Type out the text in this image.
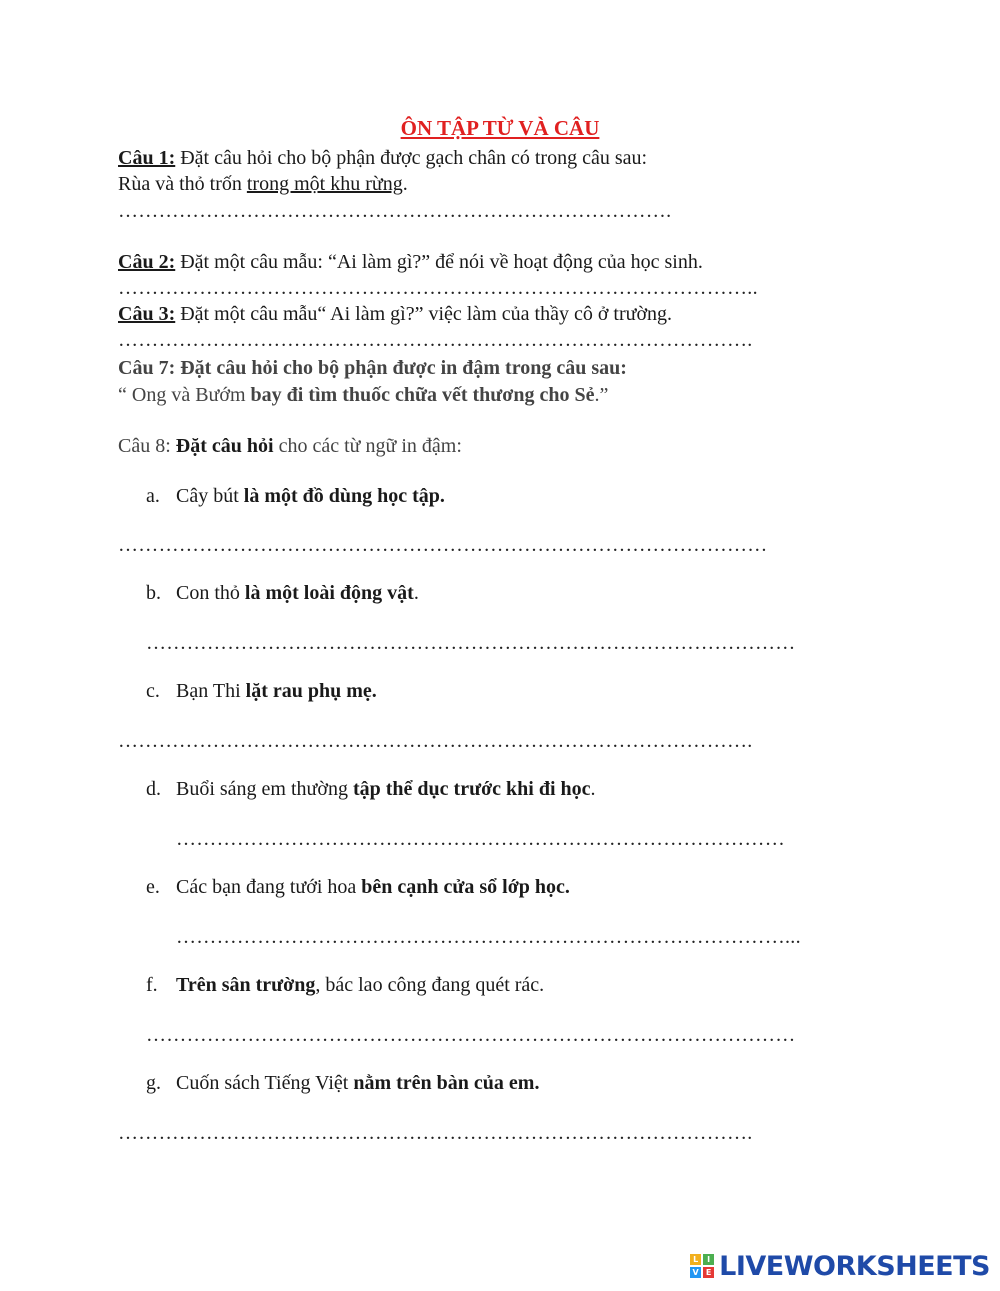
ÔN TẬP TỪ VÀ CÂU
Câu 1: Đặt câu hỏi cho bộ phận được gạch chân có trong câu sau:
Rùa và thỏ trốn trong một khu rừng.
……………………………………………………………………….
Câu 2: Đặt một câu mẫu: “Ai làm gì?” để nói về hoạt động của học sinh.
…………………………………………………………………………………..
Câu 3: Đặt một câu mẫu“ Ai làm gì?” việc làm của thầy cô ở trường.
………………………………………………………………………………….
Câu 7: Đặt câu hỏi cho bộ phận được in đậm trong câu sau:
“ Ong và Bướm bay đi tìm thuốc chữa vết thương cho Sẻ.”
Câu 8: Đặt câu hỏi cho các từ ngữ in đậm:
a. Cây bút là một đồ dùng học tập.
……………………………………………………………………………………
b. Con thỏ là một loài động vật.
……………………………………………………………………………………
c. Bạn Thi lặt rau phụ mẹ.
………………………………………………………………………………….
d. Buổi sáng em thường tập thể dục trước khi đi học.
………………………………………………………………………………
e. Các bạn đang tưới hoa bên cạnh cửa sổ lớp học.
………………………………………………………………………………...
f. Trên sân trường, bác lao công đang quét rác.
……………………………………………………………………………………
g. Cuốn sách Tiếng Việt nằm trên bàn của em.
………………………………………………………………………………….
L	I
V E LIVEWORKSHEETS
